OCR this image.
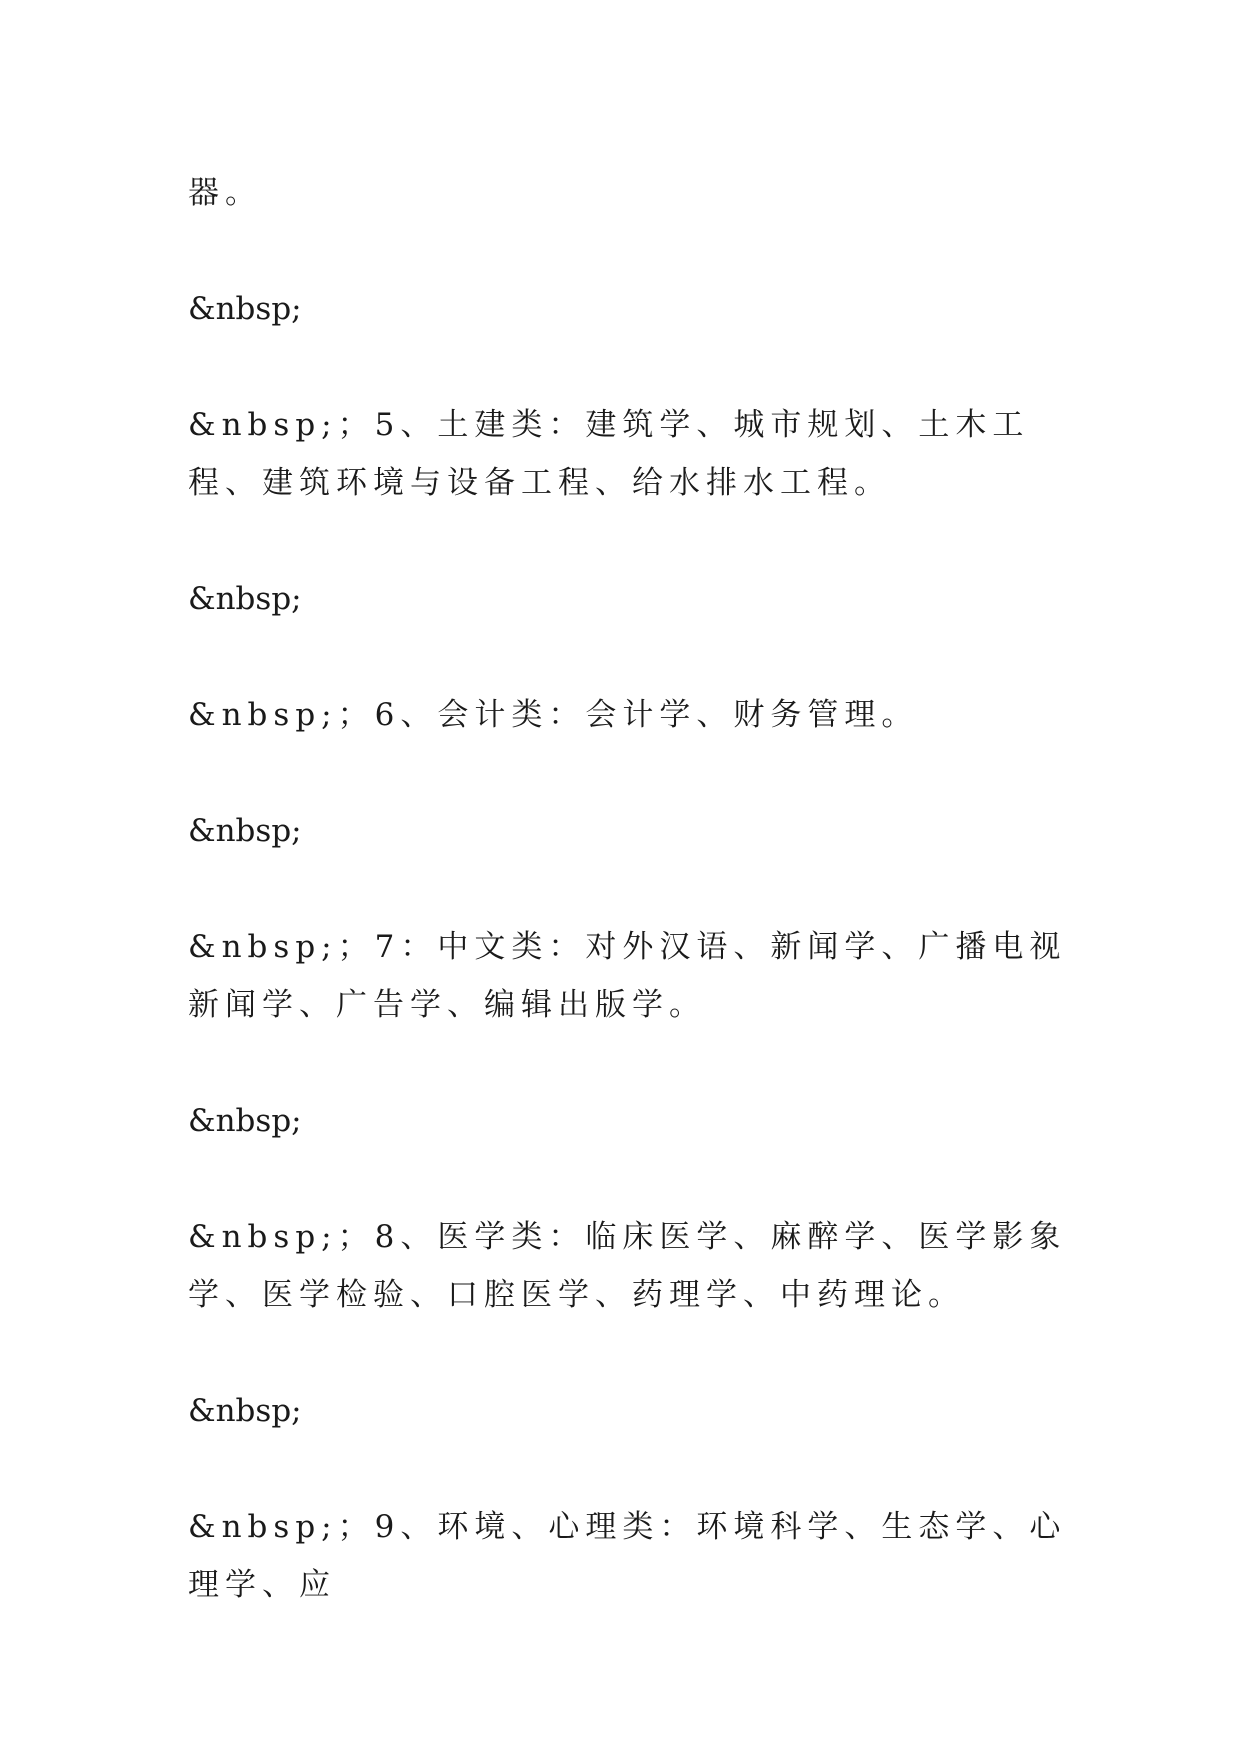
器。

&nbsp;

&nbsp;；5、土建类：建筑学、城市规划、土木工程、建筑环境与设备工程、给水排水工程。

&nbsp;

&nbsp;；6、会计类：会计学、财务管理。

&nbsp;

&nbsp;；7：中文类：对外汉语、新闻学、广播电视新闻学、广告学、编辑出版学。

&nbsp;

&nbsp;；8、医学类：临床医学、麻醉学、医学影象学、医学检验、口腔医学、药理学、中药理论。

&nbsp;

&nbsp;；9、环境、心理类：环境科学、生态学、心理学、应
